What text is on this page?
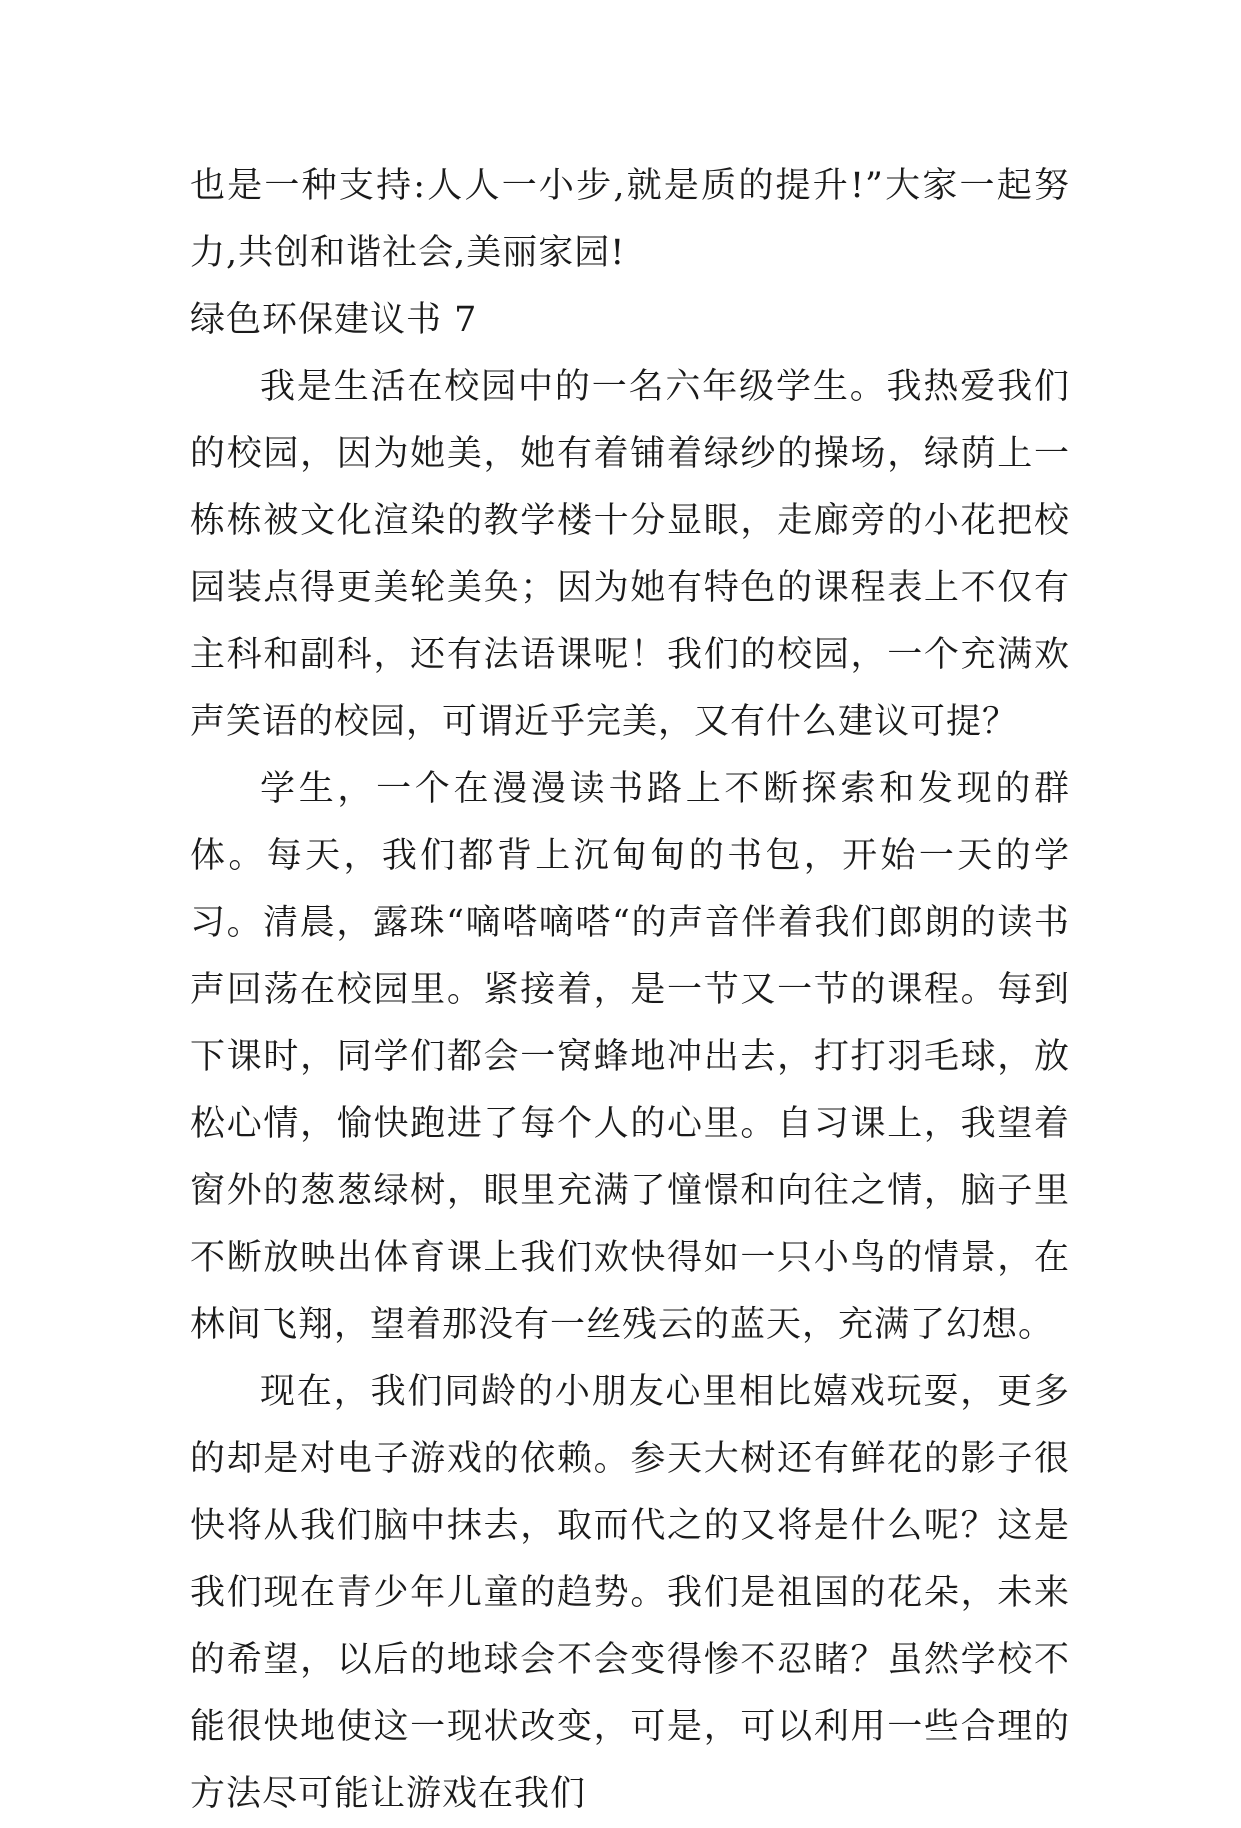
也是一种支持:人人一小步,就是质的提升!”大家一起努力,共创和谐社会,美丽家园!
绿色环保建议书 7

我是生活在校园中的一名六年级学生。我热爱我们的校园，因为她美，她有着铺着绿纱的操场，绿荫上一栋栋被文化渲染的教学楼十分显眼，走廊旁的小花把校园装点得更美轮美奂；因为她有特色的课程表上不仅有主科和副科，还有法语课呢！我们的校园，一个充满欢声笑语的校园，可谓近乎完美，又有什么建议可提？

学生，一个在漫漫读书路上不断探索和发现的群体。每天，我们都背上沉甸甸的书包，开始一天的学习。清晨，露珠“嘀嗒嘀嗒“的声音伴着我们郎朗的读书声回荡在校园里。紧接着，是一节又一节的课程。每到下课时，同学们都会一窝蜂地冲出去，打打羽毛球，放松心情，愉快跑进了每个人的心里。自习课上，我望着窗外的葱葱绿树，眼里充满了憧憬和向往之情，脑子里不断放映出体育课上我们欢快得如一只小鸟的情景，在林间飞翔，望着那没有一丝残云的蓝天，充满了幻想。

现在，我们同龄的小朋友心里相比嬉戏玩耍，更多的却是对电子游戏的依赖。参天大树还有鲜花的影子很快将从我们脑中抹去，取而代之的又将是什么呢？这是我们现在青少年儿童的趋势。我们是祖国的花朵，未来的希望，以后的地球会不会变得惨不忍睹？虽然学校不能很快地使这一现状改变，可是，可以利用一些合理的方法尽可能让游戏在我们
